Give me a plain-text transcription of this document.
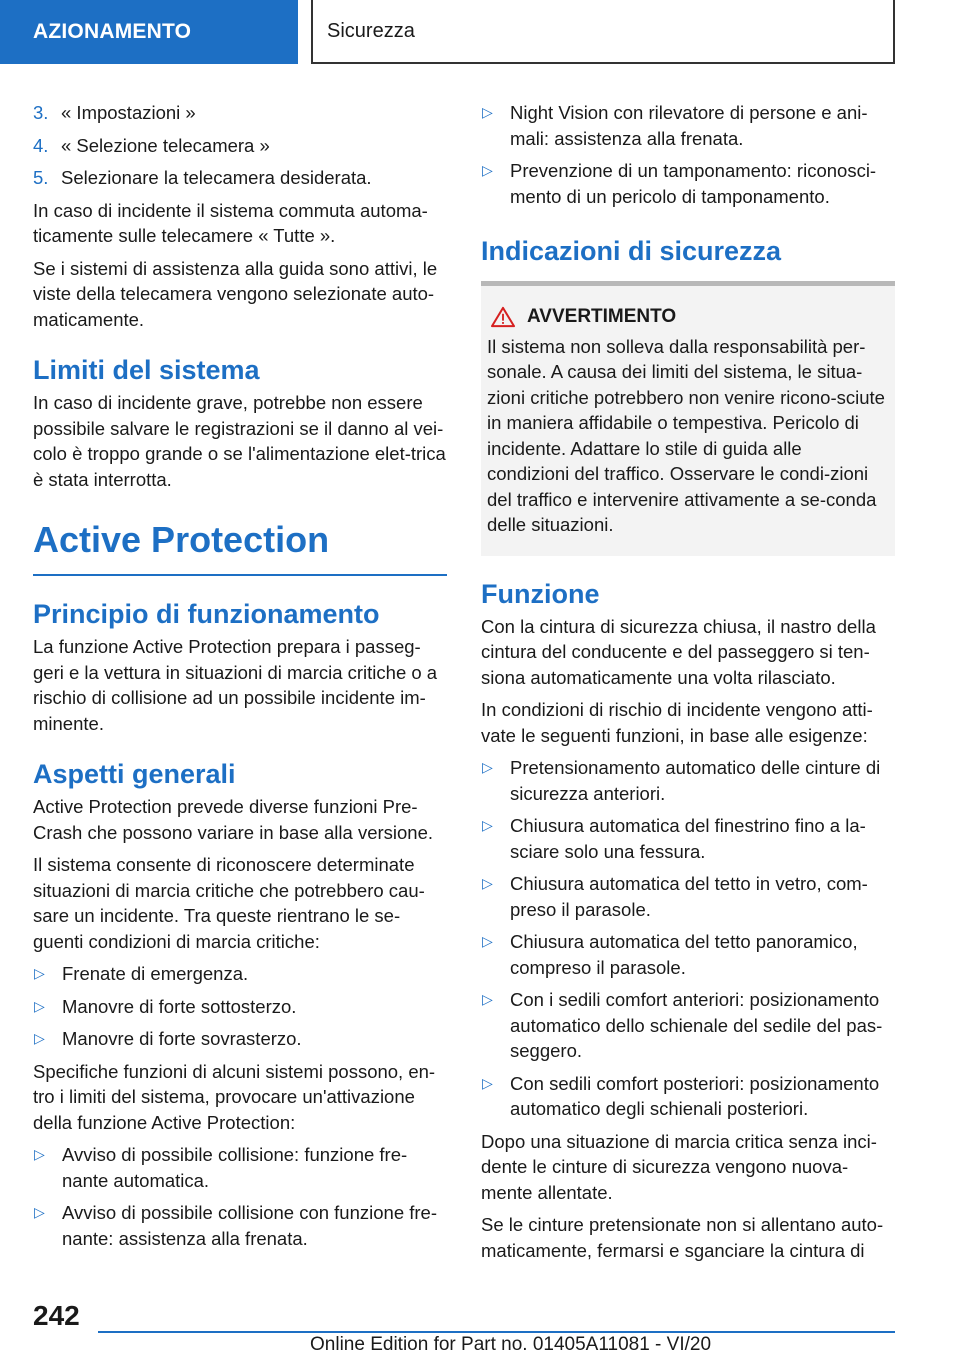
AZIONAMENTO	Sicurezza
3. « Impostazioni »
4. « Selezione telecamera »
5. Selezionare la telecamera desiderata.

In caso di incidente il sistema commuta automa-ticamente sulle telecamere « Tutte ».

Se i sistemi di assistenza alla guida sono attivi, le viste della telecamera vengono selezionate auto-maticamente.

Limiti del sistema

In caso di incidente grave, potrebbe non essere possibile salvare le registrazioni se il danno al vei-colo è troppo grande o se l'alimentazione elet-trica è stata interrotta.

Active Protection
Principio di funzionamento

La funzione Active Protection prepara i passeg-geri e la vettura in situazioni di marcia critiche o a rischio di collisione ad un possibile incidente im-minente.

Aspetti generali

Active Protection prevede diverse funzioni Pre-Crash che possono variare in base alla versione.

Il sistema consente di riconoscere determinate situazioni di marcia critiche che potrebbero cau-sare un incidente. Tra queste rientrano le se-guenti condizioni di marcia critiche:

▷ Frenate di emergenza.
▷ Manovre di forte sottosterzo.
▷ Manovre di forte sovrasterzo.

Specifiche funzioni di alcuni sistemi possono, en-tro i limiti del sistema, provocare un'attivazione della funzione Active Protection:

▷ Avviso di possibile collisione: funzione fre-nante automatica.
▷ Avviso di possibile collisione con funzione fre-nante: assistenza alla frenata.
▷ Night Vision con rilevatore di persone e ani-mali: assistenza alla frenata.
▷ Prevenzione di un tamponamento: riconosci-mento di un pericolo di tamponamento.
Indicazioni di sicurezza
AVVERTIMENTO
Il sistema non solleva dalla responsabilità per-sonale. A causa dei limiti del sistema, le situa-zioni critiche potrebbero non venire ricono-sciute in maniera affidabile o tempestiva. Pericolo di incidente. Adattare lo stile di guida alle condizioni del traffico. Osservare le condi-zioni del traffico e intervenire attivamente a se-conda delle situazioni.
Funzione

Con la cintura di sicurezza chiusa, il nastro della cintura del conducente e del passeggero si ten-siona automaticamente una volta rilasciato.

In condizioni di rischio di incidente vengono atti-vate le seguenti funzioni, in base alle esigenze:

▷ Pretensionamento automatico delle cinture di sicurezza anteriori.
▷ Chiusura automatica del finestrino fino a la-sciare solo una fessura.
▷ Chiusura automatica del tetto in vetro, com-preso il parasole.
▷ Chiusura automatica del tetto panoramico, compreso il parasole.
▷ Con i sedili comfort anteriori: posizionamento automatico dello schienale del sedile del pas-seggero.
▷ Con sedili comfort posteriori: posizionamento automatico degli schienali posteriori.

Dopo una situazione di marcia critica senza inci-dente le cinture di sicurezza vengono nuova-mente allentate.

Se le cinture pretensionate non si allentano auto-maticamente, fermarsi e sganciare la cintura di

242
Online Edition for Part no. 01405A11081 - VI/20
